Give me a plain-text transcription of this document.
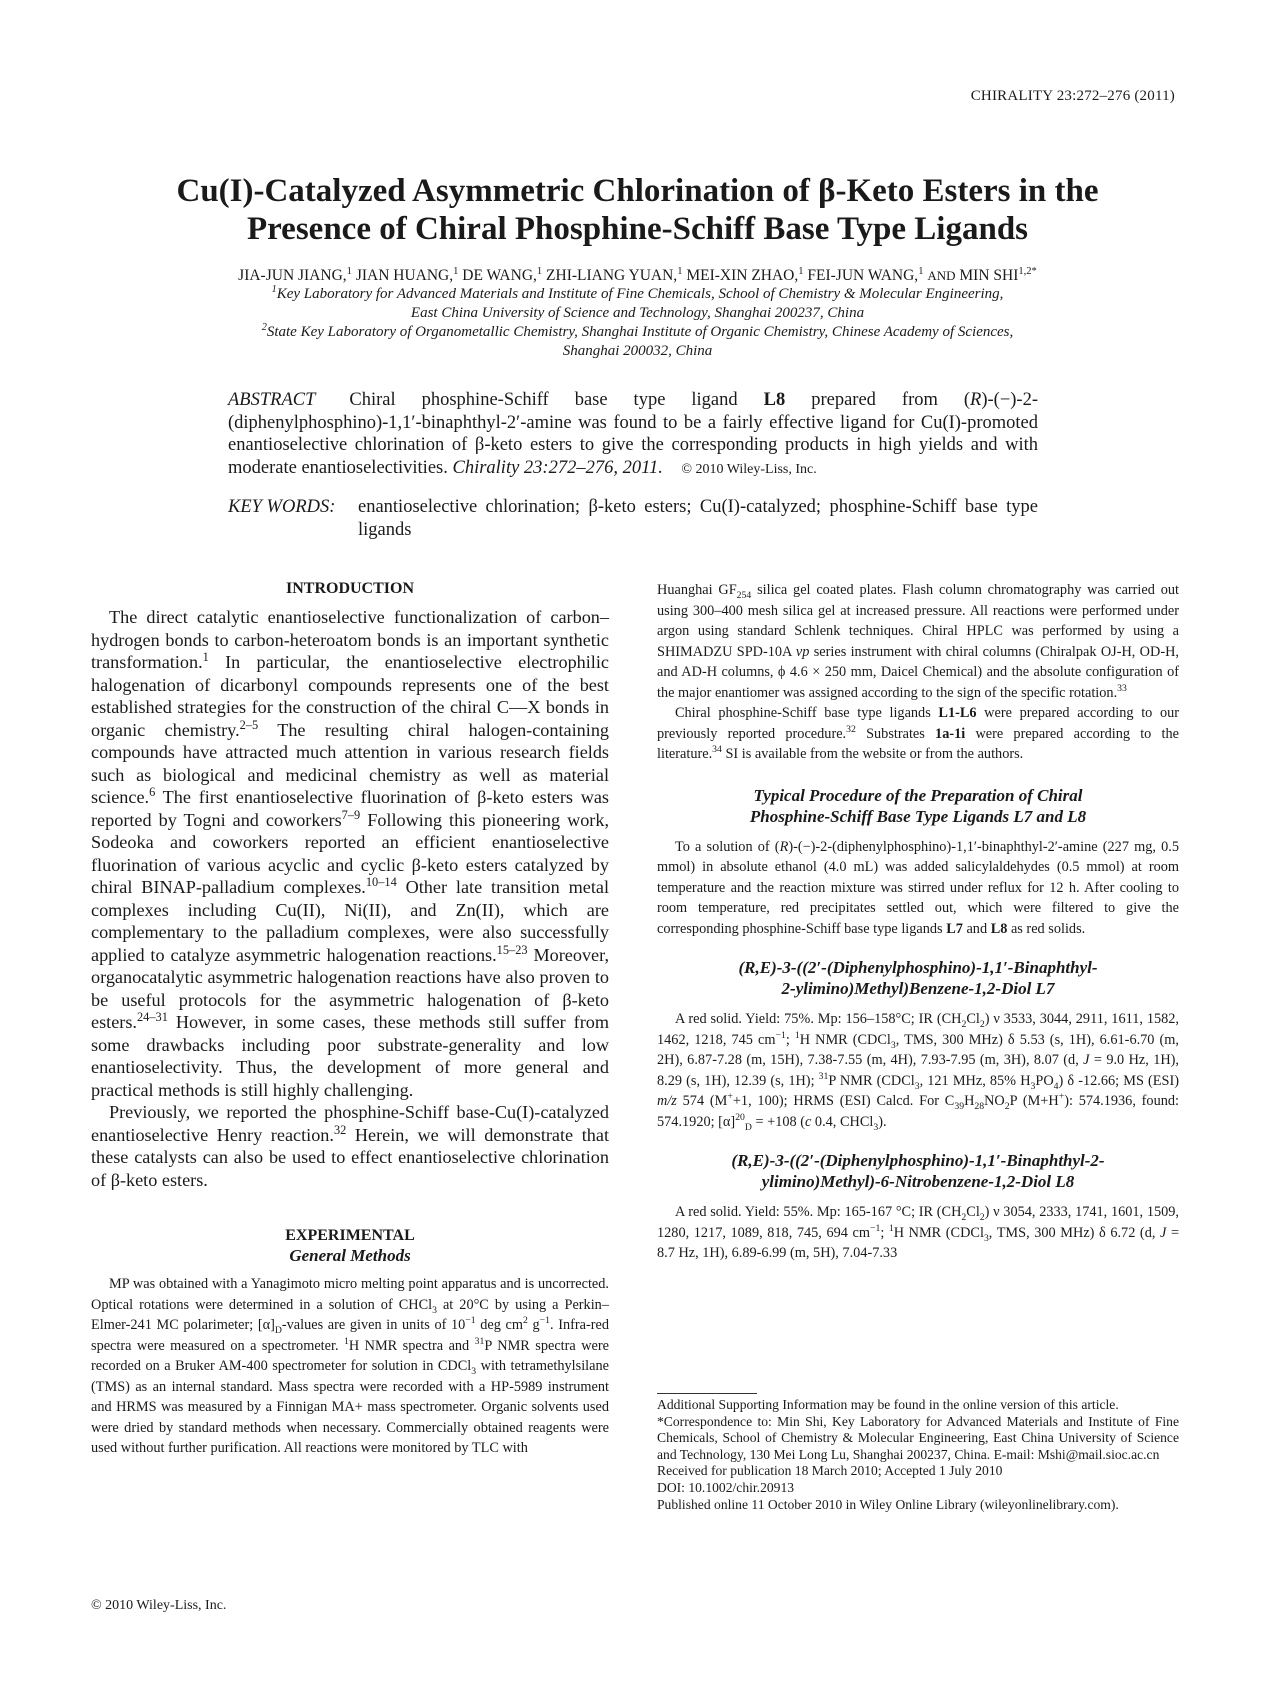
CHIRALITY 23:272–276 (2011)
Cu(I)-Catalyzed Asymmetric Chlorination of β-Keto Esters in the
Presence of Chiral Phosphine-Schiff Base Type Ligands
JIA-JUN JIANG,$^1$ JIAN HUANG,$^1$ DE WANG,$^1$ ZHI-LIANG YUAN,$^1$ MEI-XIN ZHAO,$^1$ FEI-JUN WANG,$^1$ AND MIN $SHI^{1,2*}$
$^1$Key Laboratory for Advanced Materials and Institute of Fine Chemicals, School of Chemistry & Molecular Engineering,
East China University of Science and Technology, Shanghai 200237, China
$^2$State Key Laboratory of Organometallic Chemistry, Shanghai Institute of Organic Chemistry, Chinese Academy of Sciences,
Shanghai 200032, China
ABSTRACT Chiral phosphine-Schiff base type ligand L8 prepared from (R)-(−)-2-(diphenylphosphino)-1,1′-binaphthyl-2′-amine was found to be a fairly effective ligand for Cu(I)-promoted enantioselective chlorination of β-keto esters to give the corresponding products in high yields and with moderate enantioselectivities. Chirality 23:272–276, 2011. © 2010 Wiley-Liss, Inc.
KEY WORDS:	enantioselective chlorination; β-keto esters; Cu(I)-catalyzed; phosphine-Schiff base type ligands
INTRODUCTION

The direct catalytic enantioselective functionalization of carbon–hydrogen bonds to carbon-heteroatom bonds is an important synthetic transformation.$^1$ In particular, the enantioselective electrophilic halogenation of dicarbonyl compounds represents one of the best established strategies for the construction of the chiral C—X bonds in organic chemistry.$^{2-5}$ The resulting chiral halogen-containing compounds have attracted much attention in various research fields such as biological and medicinal chemistry as well as material science.$^6$ The first enantioselective fluorination of β-keto esters was reported by Togni and coworkers$^{7-9}$ Following this pioneering work, Sodeoka and coworkers reported an efficient enantioselective fluorination of various acyclic and cyclic β-keto esters catalyzed by chiral BINAP-palladium complexes.$^{10-14}$ Other late transition metal complexes including Cu(II), Ni(II), and Zn(II), which are complementary to the palladium complexes, were also successfully applied to catalyze asymmetric halogenation reactions.$^{15-23}$ Moreover, organocatalytic asymmetric halogenation reactions have also proven to be useful protocols for the asymmetric halogenation of β-keto esters.$^{24-31}$ However, in some cases, these methods still suffer from some drawbacks including poor substrate-generality and low enantioselectivity. Thus, the development of more general and practical methods is still highly challenging.

Previously, we reported the phosphine-Schiff base-Cu(I)-catalyzed enantioselective Henry reaction.$^{32}$ Herein, we will demonstrate that these catalysts can also be used to effect enantioselective chlorination of β-keto esters.

EXPERIMENTAL
General Methods

MP was obtained with a Yanagimoto micro melting point apparatus and is uncorrected. Optical rotations were determined in a solution of CHCl$_3$ at 20°C by using a Perkin–Elmer-241 MC polarimeter; $[\alpha]_D$-values are given in units of $10^{-1}$ deg $cm^2$ $g^{-1}$. Infra-red spectra were measured on a spectrometer. $^1$H NMR spectra and $^{31}$P NMR spectra were recorded on a Bruker AM-400 spectrometer for solution in CDCl$_3$ with tetramethylsilane (TMS) as an internal standard. Mass spectra were recorded with a HP-5989 instrument and HRMS was measured by a Finnigan MA+ mass spectrometer. Organic solvents used were dried by standard methods when necessary. Commercially obtained reagents were used without further purification. All reactions were monitored by TLC with

© 2010 Wiley-Liss, Inc.

Huanghai $GF_{254}$ silica gel coated plates. Flash column chromatography was carried out using 300–400 mesh silica gel at increased pressure. All reactions were performed under argon using standard Schlenk techniques. Chiral HPLC was performed by using a SHIMADZU SPD-10A vp series instrument with chiral columns (Chiralpak OJ-H, OD-H, and AD-H columns, ϕ 4.6 × 250 mm, Daicel Chemical) and the absolute configuration of the major enantiomer was assigned according to the sign of the specific rotation.$^{33}$

Chiral phosphine-Schiff base type ligands L1-L6 were prepared according to our previously reported procedure.$^{32}$ Substrates 1a-1i were prepared according to the literature.$^{34}$ SI is available from the website or from the authors.

Typical Procedure of the Preparation of Chiral
Phosphine-Schiff Base Type Ligands L7 and L8

To a solution of (R)-(−)-2-(diphenylphosphino)-1,1′-binaphthyl-2′-amine (227 mg, 0.5 mmol) in absolute ethanol (4.0 mL) was added salicylaldehydes (0.5 mmol) at room temperature and the reaction mixture was stirred under reflux for 12 h. After cooling to room temperature, red precipitates settled out, which were filtered to give the corresponding phosphine-Schiff base type ligands L7 and L8 as red solids.

(R,E)-3-((2′-(Diphenylphosphino)-1,1′-Binaphthyl-
2-ylimino)Methyl)Benzene-1,2-Diol L7

A red solid. Yield: 75%. Mp: 156–158°C; IR $(CH_2Cl_2)$ ν 3533, 3044, 2911, 1611, 1582, 1462, 1218, 745 $cm^{-1}$; $^1$H NMR (CDCl$_3$, TMS, 300 MHz) δ 5.53 (s, 1H), 6.61-6.70 (m, 2H), 6.87-7.28 (m, 15H), 7.38-7.55 (m, 4H), 7.93-7.95 (m, 3H), 8.07 (d, J = 9.0 Hz, 1H), 8.29 (s, 1H), 12.39 (s, 1H); $^{31}$P NMR (CDCl$_3$, 121 MHz, 85% $H_3PO_4$) δ -12.66; MS (ESI) m/z 574 (M++1, 100); HRMS (ESI) Calcd. For $C_{39}H_{28}NO_2P$ (M+H+): 574.1936, found: 574.1920; $[\alpha]^{20}_D = +108$ (c 0.4, CHCl$_3$).

(R,E)-3-((2′-(Diphenylphosphino)-1,1′-Binaphthyl-2-
ylimino)Methyl)-6-Nitrobenzene-1,2-Diol L8

A red solid. Yield: 55%. Mp: 165-167 °C; IR $(CH_2Cl_2)$ ν 3054, 2333, 1741, 1601, 1509, 1280, 1217, 1089, 818, 745, 694 $cm^{-1}$; $^1$H NMR (CDCl$_3$, TMS, 300 MHz) δ 6.72 (d, J = 8.7 Hz, 1H), 6.89-6.99 (m, 5H), 7.04-7.33

Additional Supporting Information may be found in the online version of this article.

*Correspondence to: Min Shi, Key Laboratory for Advanced Materials and Institute of Fine Chemicals, School of Chemistry & Molecular Engineering, East China University of Science and Technology, 130 Mei Long Lu, Shanghai 200237, China. E-mail: Mshi@mail.sioc.ac.cn

Received for publication 18 March 2010; Accepted 1 July 2010

DOI: 10.1002/chir.20913

Published online 11 October 2010 in Wiley Online Library (wileyonlinelibrary.com).
